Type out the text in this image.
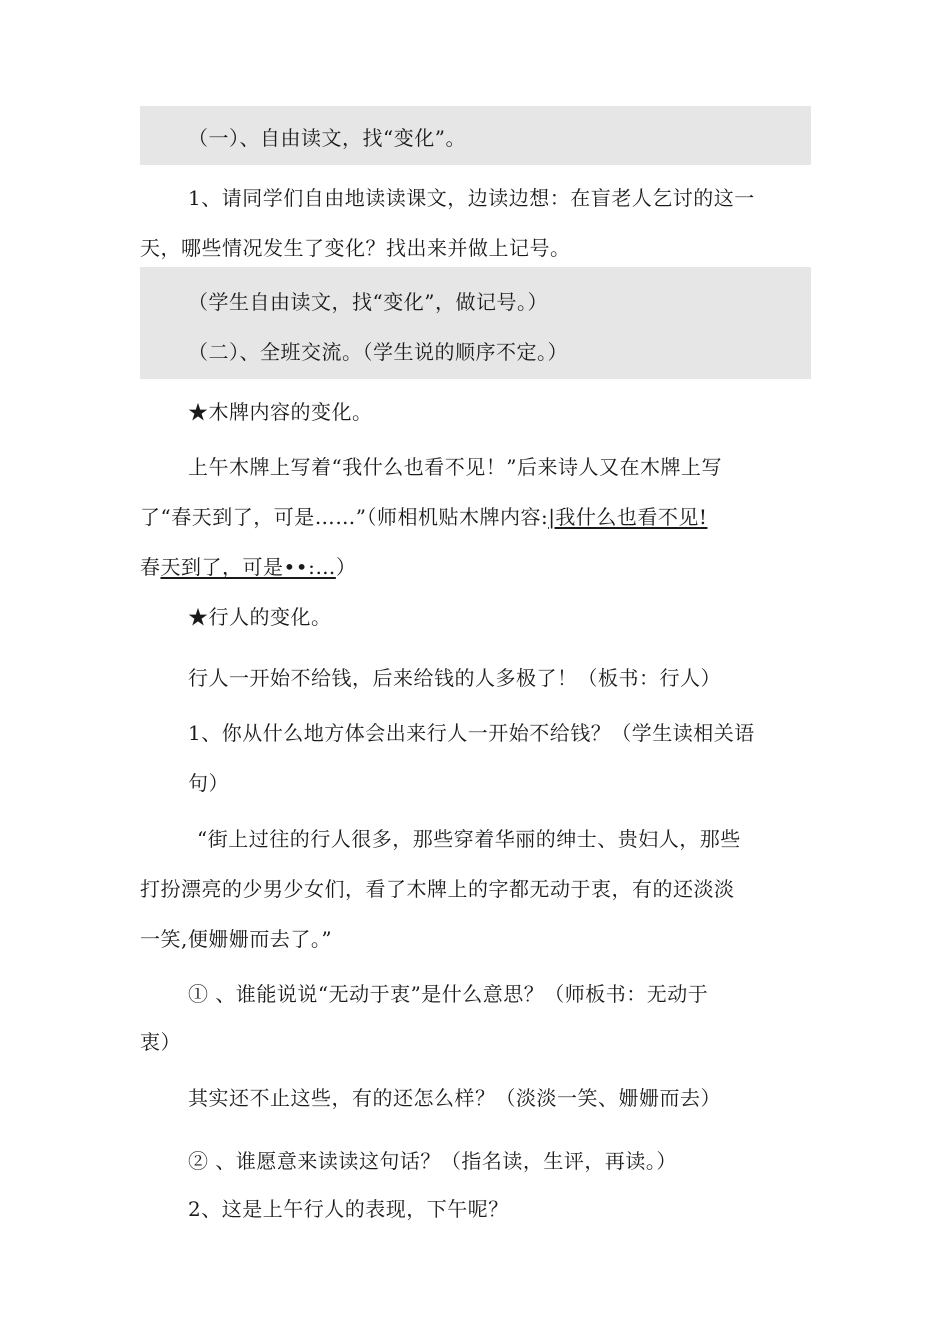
（一）、自由读文，找“变化”。
1、请同学们自由地读读课文，边读边想：在盲老人乞讨的这一
天，哪些情况发生了变化？找出来并做上记号。
（学生自由读文，找“变化”，做记号。）
（二）、全班交流。（学生说的顺序不定。）
★木牌内容的变化。
上午木牌上写着“我什么也看不见！”后来诗人又在木牌上写
了“春天到了，可是……”（师相机贴木牌内容:|我什么也看不见!
春天到了，可是••:…）
★行人的变化。
行人一开始不给钱，后来给钱的人多极了！（板书：行人）
1、你从什么地方体会出来行人一开始不给钱？（学生读相关语
句）
“街上过往的行人很多，那些穿着华丽的绅士、贵妇人，那些
打扮漂亮的少男少女们，看了木牌上的字都无动于衷，有的还淡淡
一笑,便姗姗而去了。”
① 、谁能说说“无动于衷”是什么意思？（师板书：无动于
衷）
其实还不止这些，有的还怎么样？（淡淡一笑、姗姗而去）
② 、谁愿意来读读这句话？（指名读，生评，再读。）
2、这是上午行人的表现，下午呢？
